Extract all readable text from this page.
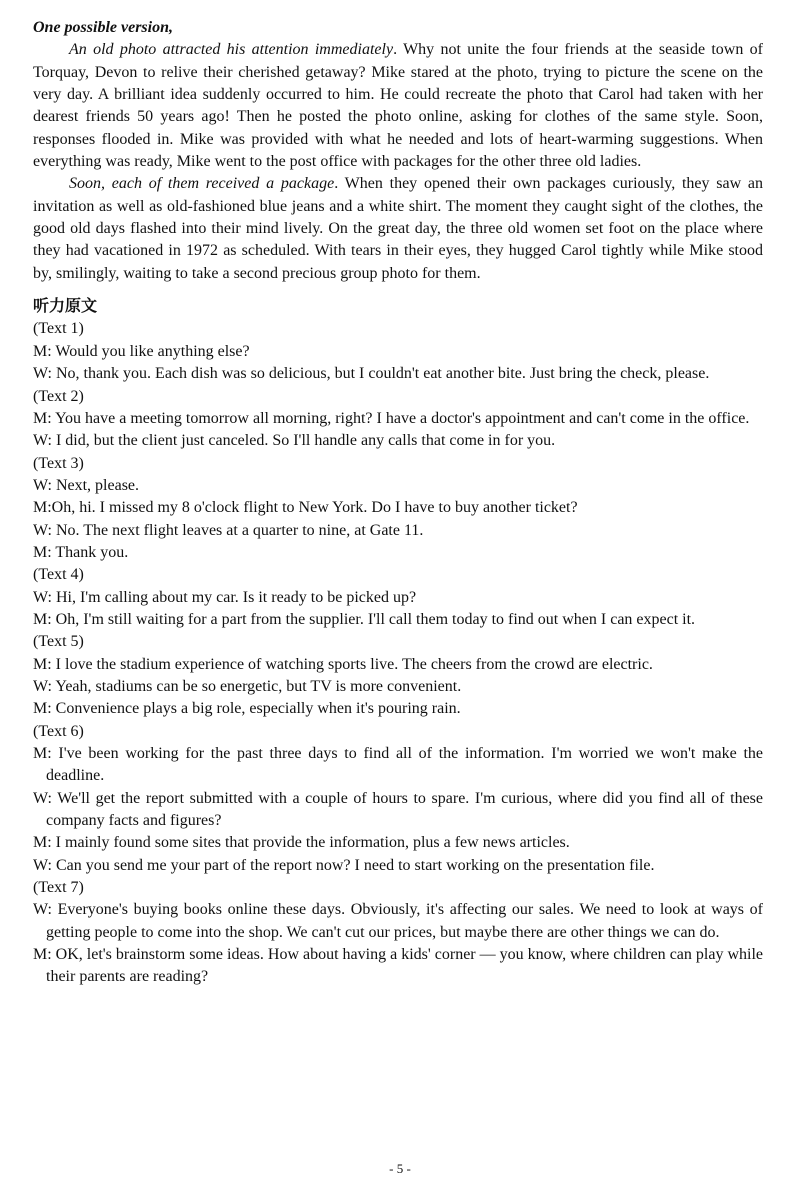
One possible version,

An old photo attracted his attention immediately. Why not unite the four friends at the seaside town of Torquay, Devon to relive their cherished getaway? Mike stared at the photo, trying to picture the scene on the very day. A brilliant idea suddenly occurred to him. He could recreate the photo that Carol had taken with her dearest friends 50 years ago! Then he posted the photo online, asking for clothes of the same style. Soon, responses flooded in. Mike was provided with what he needed and lots of heart-warming suggestions. When everything was ready, Mike went to the post office with packages for the other three old ladies.

Soon, each of them received a package. When they opened their own packages curiously, they saw an invitation as well as old-fashioned blue jeans and a white shirt. The moment they caught sight of the clothes, the good old days flashed into their mind lively. On the great day, the three old women set foot on the place where they had vacationed in 1972 as scheduled. With tears in their eyes, they hugged Carol tightly while Mike stood by, smilingly, waiting to take a second precious group photo for them.

听力原文

(Text 1)

M: Would you like anything else?

W: No, thank you. Each dish was so delicious, but I couldn't eat another bite. Just bring the check, please.

(Text 2)

M: You have a meeting tomorrow all morning, right? I have a doctor's appointment and can't come in the office.

W: I did, but the client just canceled. So I'll handle any calls that come in for you.

(Text 3)

W: Next, please.

M:Oh, hi. I missed my 8 o'clock flight to New York. Do I have to buy another ticket?

W: No. The next flight leaves at a quarter to nine, at Gate 11.

M: Thank you.

(Text 4)

W: Hi, I'm calling about my car. Is it ready to be picked up?

M: Oh, I'm still waiting for a part from the supplier. I'll call them today to find out when I can expect it.

(Text 5)

M: I love the stadium experience of watching sports live. The cheers from the crowd are electric.

W: Yeah, stadiums can be so energetic, but TV is more convenient.

M: Convenience plays a big role, especially when it's pouring rain.

(Text 6)

M: I've been working for the past three days to find all of the information. I'm worried we won't make the deadline.

W: We'll get the report submitted with a couple of hours to spare. I'm curious, where did you find all of these company facts and figures?

M: I mainly found some sites that provide the information, plus a few news articles.

W: Can you send me your part of the report now? I need to start working on the presentation file.

(Text 7)

W: Everyone's buying books online these days. Obviously, it's affecting our sales. We need to look at ways of getting people to come into the shop. We can't cut our prices, but maybe there are other things we can do.

M: OK, let's brainstorm some ideas. How about having a kids' corner — you know, where children can play while their parents are reading?

- 5 -
